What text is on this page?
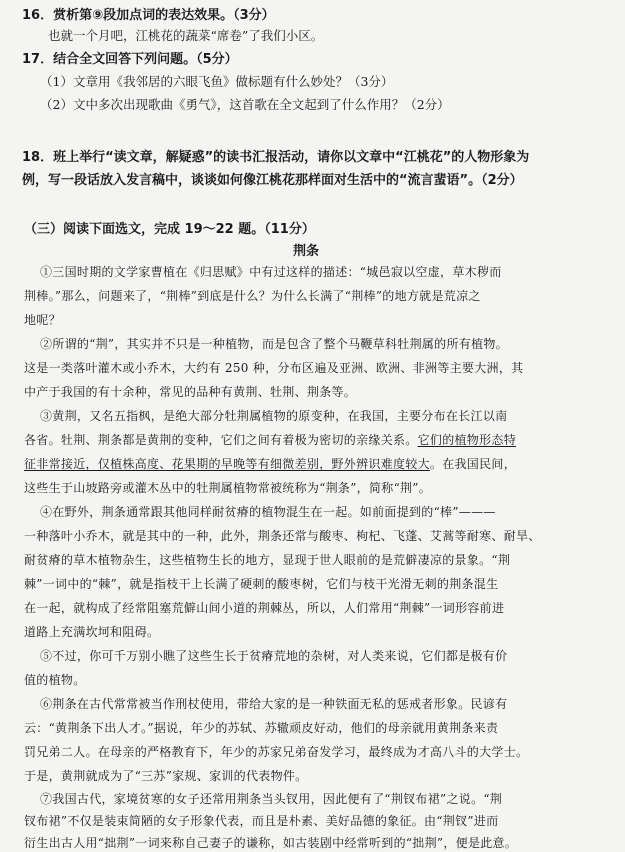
16．赏析第⑨段加点词的表达效果。（3分）
也就一个月吧，江桃花的蔬菜“席卷”了我们小区。
17．结合全文回答下列问题。（5分）
（1）文章用《我邻居的六眼飞鱼》做标题有什么妙处？（3分）
（2）文中多次出现歌曲《勇气》，这首歌在全文起到了什么作用？（2分）
18．班上举行“读文章，解疑惑”的读书汇报活动，请你以文章中“江桃花”的人物形象为
例，写一段话放入发言稿中，谈谈如何像江桃花那样面对生活中的“流言蜚语”。（2分）
（三）阅读下面选文，完成 19～22 题。（11分）
荆条
①三国时期的文学家曹植在《归思赋》中有过这样的描述：“城邑寂以空虚，草木秽而
荆棒。”那么，问题来了，“荆棒”到底是什么？为什么长满了“荆棒”的地方就是荒凉之
地呢？
②所谓的“荆”，其实并不只是一种植物，而是包含了整个马鞭草科牡荆属的所有植物。
这是一类落叶灌木或小乔木，大约有 250 种，分布区遍及亚洲、欧洲、非洲等主要大洲，其
中产于我国的有十余种，常见的品种有黄荆、牡荆、荆条等。
③黄荆，又名五指枫，是绝大部分牡荆属植物的原变种，在我国，主要分布在长江以南
各省。牡荆、荆条都是黄荆的变种，它们之间有着极为密切的亲缘关系。它们的植物形态特
征非常接近，仅植株高度、花果期的早晚等有细微差别，野外辨识难度较大。在我国民间，
这些生于山坡路旁或灌木丛中的牡荆属植物常被统称为“荆条”，简称“荆”。
④在野外，荆条通常跟其他同样耐贫瘠的植物混生在一起。如前面提到的“棒”———
一种落叶小乔木，就是其中的一种，此外，荆条还常与酸枣、枸杞、飞蓬、艾蒿等耐寒、耐旱、
耐贫瘠的草木植物杂生，这些植物生长的地方，显现于世人眼前的是荒僻凄凉的景象。“荆
棘”一词中的“棘”，就是指枝干上长满了硬刺的酸枣树，它们与枝干光滑无刺的荆条混生
在一起，就构成了经常阻塞荒僻山间小道的荆棘丛，所以，人们常用“荆棘”一词形容前进
道路上充满坎坷和阻碍。
⑤不过，你可千万别小瞧了这些生长于贫瘠荒地的杂树，对人类来说，它们都是极有价
值的植物。
⑥荆条在古代常常被当作刑杖使用，带给大家的是一种铁面无私的惩戒者形象。民谚有
云：“黄荆条下出人才。”据说，年少的苏轼、苏辙顽皮好动，他们的母亲就用黄荆条来责
罚兄弟二人。在母亲的严格教育下，年少的苏家兄弟奋发学习，最终成为才高八斗的大学士。
于是，黄荆就成为了“三苏”家规、家训的代表物件。
⑦我国古代，家境贫寒的女子还常用荆条当头钗用，因此便有了“荆钗布裙”之说。“荆
钗布裙”不仅是装束简陋的女子形象代表，而且是朴素、美好品德的象征。由“荆钗”进而
衍生出古人用“拙荆”一词来称自己妻子的谦称，如古装剧中经常听到的“拙荆”，便是此意。
